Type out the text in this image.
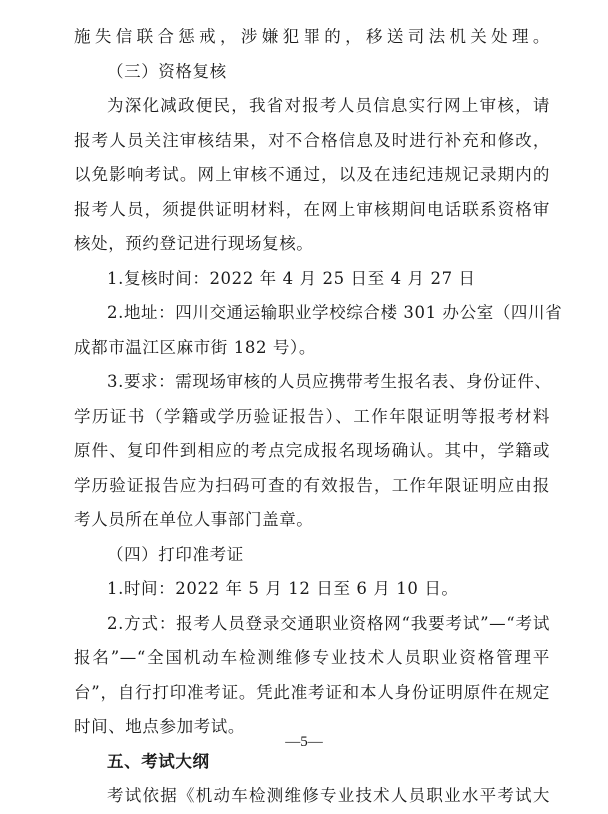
施失信联合惩戒，涉嫌犯罪的，移送司法机关处理。
（三）资格复核
为深化减政便民，我省对报考人员信息实行网上审核，请
报考人员关注审核结果，对不合格信息及时进行补充和修改，
以免影响考试。网上审核不通过，以及在违纪违规记录期内的
报考人员，须提供证明材料，在网上审核期间电话联系资格审
核处，预约登记进行现场复核。
1.复核时间：2022 年 4 月 25 日至 4 月 27 日
2.地址：四川交通运输职业学校综合楼 301 办公室（四川省
成都市温江区麻市街 182 号）。
3.要求：需现场审核的人员应携带考生报名表、身份证件、
学历证书（学籍或学历验证报告）、工作年限证明等报考材料
原件、复印件到相应的考点完成报名现场确认。其中，学籍或
学历验证报告应为扫码可查的有效报告，工作年限证明应由报
考人员所在单位人事部门盖章。
（四）打印准考证
1.时间：2022 年 5 月 12 日至 6 月 10 日。
2.方式：报考人员登录交通职业资格网“我要考试”—“考试
报名”—“全国机动车检测维修专业技术人员职业资格管理平
台”，自行打印准考证。凭此准考证和本人身份证明原件在规定
时间、地点参加考试。
五、考试大纲
考试依据《机动车检测维修专业技术人员职业水平考试大
—5—
